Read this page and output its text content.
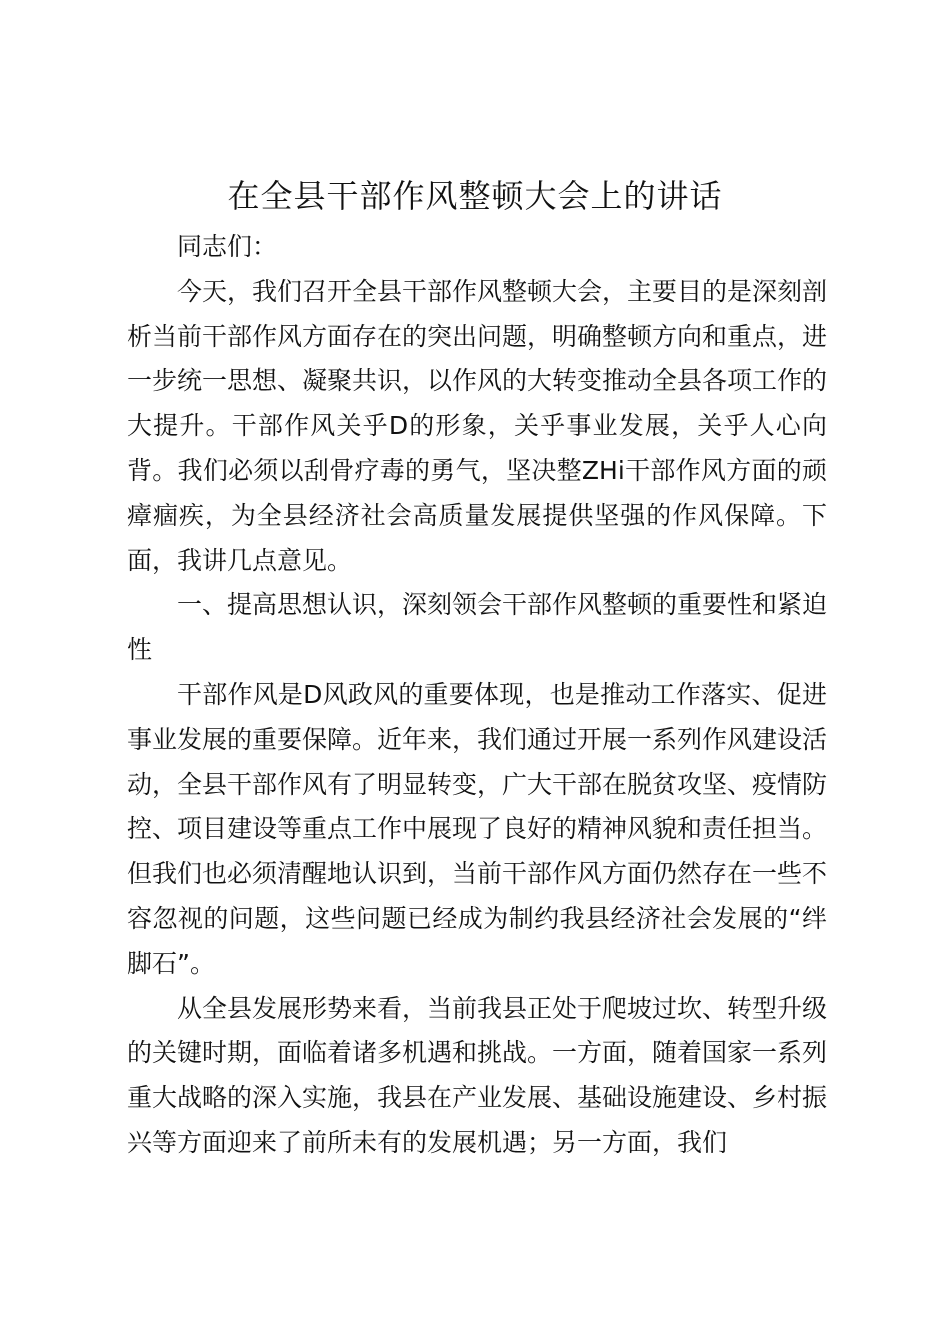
在全县干部作风整顿大会上的讲话

同志们：

今天，我们召开全县干部作风整顿大会，主要目的是深刻剖析当前干部作风方面存在的突出问题，明确整顿方向和重点，进一步统一思想、凝聚共识，以作风的大转变推动全县各项工作的大提升。干部作风关乎D的形象，关乎事业发展，关乎人心向背。我们必须以刮骨疗毒的勇气，坚决整ZHi干部作风方面的顽瘴痼疾，为全县经济社会高质量发展提供坚强的作风保障。下面，我讲几点意见。

一、提高思想认识，深刻领会干部作风整顿的重要性和紧迫性

干部作风是D风政风的重要体现，也是推动工作落实、促进事业发展的重要保障。近年来，我们通过开展一系列作风建设活动，全县干部作风有了明显转变，广大干部在脱贫攻坚、疫情防控、项目建设等重点工作中展现了良好的精神风貌和责任担当。但我们也必须清醒地认识到，当前干部作风方面仍然存在一些不容忽视的问题，这些问题已经成为制约我县经济社会发展的“绊脚石”。

从全县发展形势来看，当前我县正处于爬坡过坎、转型升级的关键时期，面临着诸多机遇和挑战。一方面，随着国家一系列重大战略的深入实施，我县在产业发展、基础设施建设、乡村振兴等方面迎来了前所未有的发展机遇；另一方面，我们
